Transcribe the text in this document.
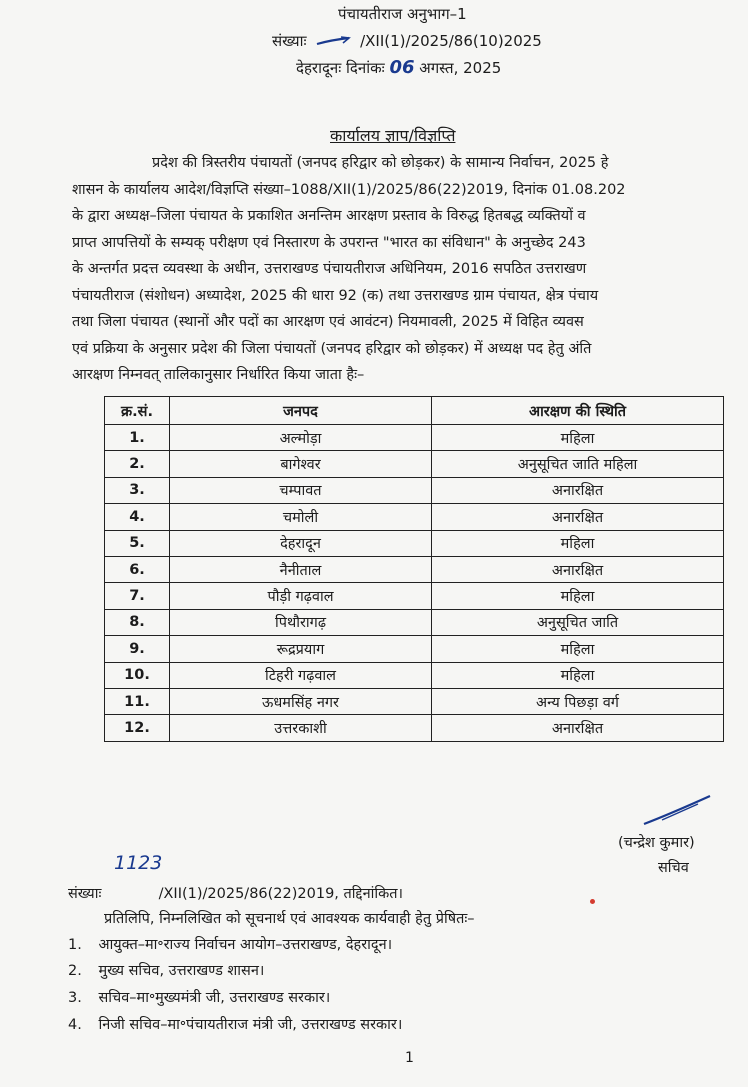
पंचायतीराज अनुभाग–1
संख्याः	/XII(1)/2025/86(10)2025
देहरादूनः दिनांकः 06 अगस्त, 2025
कार्यालय ज्ञाप/विज्ञप्ति
प्रदेश की त्रिस्तरीय पंचायतों (जनपद हरिद्वार को छोड़कर) के सामान्य निर्वाचन, 2025 हे
शासन के कार्यालय आदेश/विज्ञप्ति संख्या–1088/XII(1)/2025/86(22)2019, दिनांक 01.08.202
के द्वारा अध्यक्ष–जिला पंचायत के प्रकाशित अनन्तिम आरक्षण प्रस्ताव के विरुद्ध हितबद्ध व्यक्तियों व
प्राप्त आपत्तियों के सम्यक् परीक्षण एवं निस्तारण के उपरान्त "भारत का संविधान" के अनुच्छेद 243
के अन्तर्गत प्रदत्त व्यवस्था के अधीन, उत्तराखण्ड पंचायतीराज अधिनियम, 2016 सपठित उत्तराखण
पंचायतीराज (संशोधन) अध्यादेश, 2025 की धारा 92 (क) तथा उत्तराखण्ड ग्राम पंचायत, क्षेत्र पंचाय
तथा जिला पंचायत (स्थानों और पदों का आरक्षण एवं आवंटन) नियमावली, 2025 में विहित व्यवस
एवं प्रक्रिया के अनुसार प्रदेश की जिला पंचायतों (जनपद हरिद्वार को छोड़कर) में अध्यक्ष पद हेतु अंति
आरक्षण निम्नवत् तालिकानुसार निर्धारित किया जाता हैः–
क्र.सं.	जनपद	आरक्षण की स्थिति
1.	अल्मोड़ा	महिला
2.	बागेश्वर	अनुसूचित जाति महिला
3.	चम्पावत	अनारक्षित
4.	चमोली	अनारक्षित
5.	देहरादून	महिला
6.	नैनीताल	अनारक्षित
7.	पौड़ी गढ़वाल	महिला
8.	पिथौरागढ़	अनुसूचित जाति
9.	रूद्रप्रयाग	महिला
10.	टिहरी गढ़वाल	महिला
11.	ऊधमसिंह नगर	अन्य पिछड़ा वर्ग
12.	उत्तरकाशी	अनारक्षित
(चन्द्रेश कुमार)
सचिव
1123
संख्याः	/XII(1)/2025/86(22)2019, तद्दिनांकित।
प्रतिलिपि, निम्नलिखित को सूचनार्थ एवं आवश्यक कार्यवाही हेतु प्रेषितः–
1. आयुक्त–मा॰राज्य निर्वाचन आयोग–उत्तराखण्ड, देहरादून।
2. मुख्य सचिव, उत्तराखण्ड शासन।
3. सचिव–मा॰मुख्यमंत्री जी, उत्तराखण्ड सरकार।
4. निजी सचिव–मा॰पंचायतीराज मंत्री जी, उत्तराखण्ड सरकार।
1
